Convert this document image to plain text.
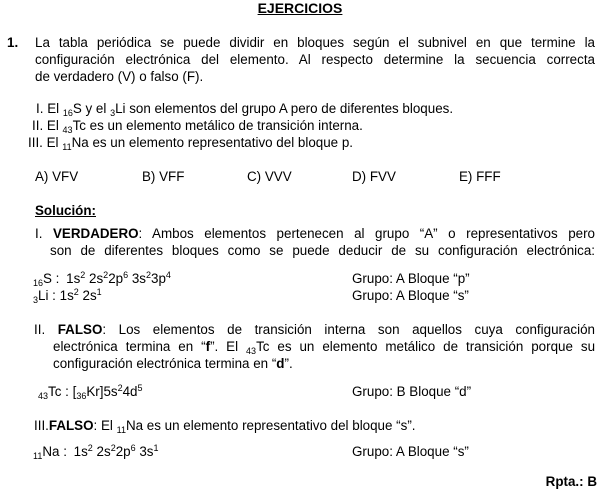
EJERCICIOS
1. La tabla periódica se puede dividir en bloques según el subnivel en que termine la
configuración electrónica del elemento. Al respecto determine la secuencia correcta
de verdadero (V) o falso (F).
I. El $_{16}$S y el $_3$Li son elementos del grupo A pero de diferentes bloques.
II. El $_{43}$Tc es un elemento metálico de transición interna.
III. El $_{11}$Na es un elemento representativo del bloque p.
A) VFV	B) VFF	C) VVV	D) FVV	E) FFF
Solución:
I. VERDADERO: Ambos elementos pertenecen al grupo “A” o representativos pero
son de diferentes bloques como se puede deducir de su configuración electrónica:
$_{16}$S : $1s^2$ $2s^22p^6$ $3s^23p^4$	Grupo: A Bloque “p”
$_3$Li : $1s^2$ $2s^1$	Grupo: A Bloque “s”
II. FALSO: Los elementos de transición interna son aquellos cuya configuración
electrónica termina en “f”. El $_{43}$Tc es un elemento metálico de transición porque su
configuración electrónica termina en “d”.
$_{43}$Tc : $[_{36}Kr]5s^24d^5$	Grupo: B Bloque “d”
III.FALSO: El $_{11}$Na es un elemento representativo del bloque “s”.
$_{11}$Na : $1s^2$ $2s^22p^6$ $3s^1$	Grupo: A Bloque “s”
Rpta.: B
